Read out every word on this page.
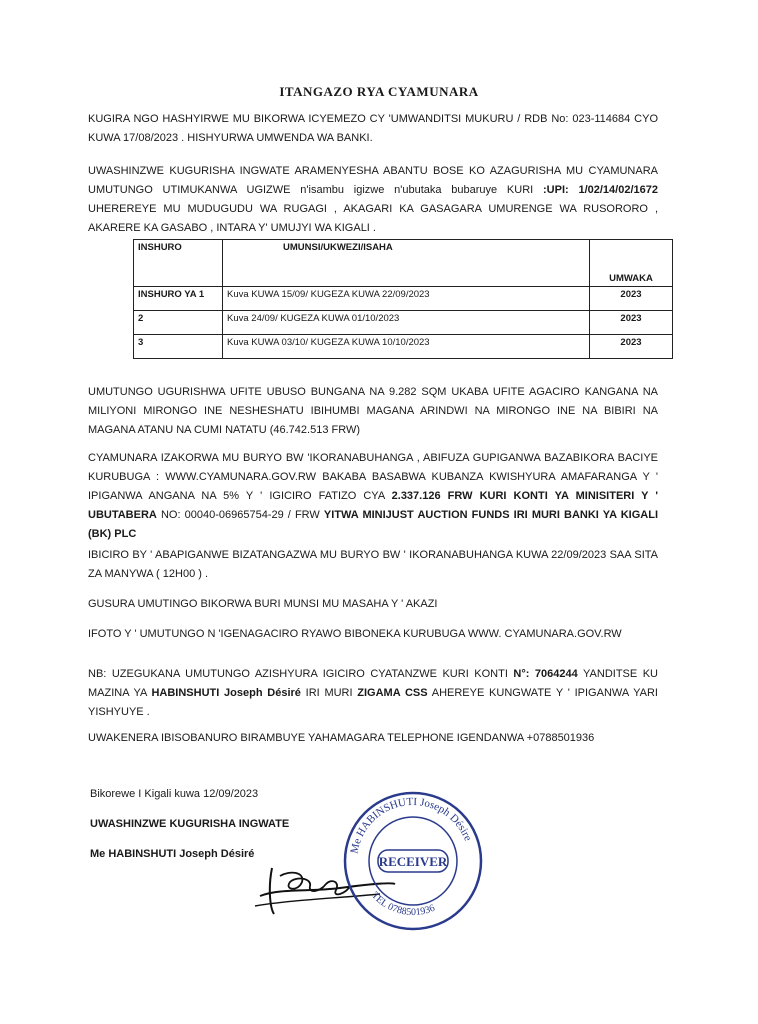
ITANGAZO RYA CYAMUNARA
KUGIRA NGO HASHYIRWE MU BIKORWA ICYEMEZO CY 'UMWANDITSI MUKURU / RDB No: 023-114684 CYO KUWA 17/08/2023 . HISHYURWA UMWENDA WA BANKI.
UWASHINZWE KUGURISHA INGWATE ARAMENYESHA ABANTU BOSE KO AZAGURISHA MU CYAMUNARA UMUTUNGO UTIMUKANWA UGIZWE n'isambu igizwe n'ubutaka bubaruye KURI :UPI: 1/02/14/02/1672 UHEREREYE MU MUDUGUDU WA RUGAGI , AKAGARI KA GASAGARA UMURENGE WA RUSORORO , AKARERE KA GASABO , INTARA Y' UMUJYI WA KIGALI .
INSHURO	UMUNSI/UKWEZI/ISAHA	UMWAKA
INSHURO YA 1	Kuva KUWA 15/09/ KUGEZA KUWA 22/09/2023	2023
2	Kuva 24/09/ KUGEZA KUWA 01/10/2023	2023
3	Kuva KUWA 03/10/ KUGEZA KUWA 10/10/2023	2023
UMUTUNGO UGURISHWA UFITE UBUSO BUNGANA NA 9.282 SQM UKABA UFITE AGACIRO KANGANA NA MILIYONI MIRONGO INE NESHESHATU IBIHUMBI MAGANA ARINDWI NA MIRONGO INE NA BIBIRI NA MAGANA ATANU NA CUMI NATATU (46.742.513 FRW)
CYAMUNARA IZAKORWA MU BURYO BW 'IKORANABUHANGA , ABIFUZA GUPIGANWA BAZABIKORA BACIYE KURUBUGA : WWW.CYAMUNARA.GOV.RW BAKABA BASABWA KUBANZA KWISHYURA AMAFARANGA Y ' IPIGANWA ANGANA NA 5% Y ' IGICIRO FATIZO CYA 2.337.126 FRW KURI KONTI YA MINISITERI Y ' UBUTABERA NO: 00040-06965754-29 / FRW YITWA MINIJUST AUCTION FUNDS IRI MURI BANKI YA KIGALI (BK) PLC
IBICIRO BY ' ABAPIGANWE BIZATANGAZWA MU BURYO BW ' IKORANABUHANGA KUWA 22/09/2023 SAA SITA ZA MANYWA ( 12H00 ) .
GUSURA UMUTINGO BIKORWA BURI MUNSI MU MASAHA Y ' AKAZI
IFOTO Y ' UMUTUNGO N 'IGENAGACIRO RYAWO BIBONEKA KURUBUGA WWW. CYAMUNARA.GOV.RW
NB: UZEGUKANA UMUTUNGO AZISHYURA IGICIRO CYATANZWE KURI KONTI N°: 7064244 YANDITSE KU MAZINA YA HABINSHUTI Joseph Désiré IRI MURI ZIGAMA CSS AHEREYE KUNGWATE Y ' IPIGANWA YARI YISHYUYE .
UWAKENERA IBISOBANURO BIRAMBUYE YAHAMAGARA TELEPHONE IGENDANWA +0788501936
Bikorewe I Kigali kuwa 12/09/2023
UWASHINZWE KUGURISHA INGWATE
Me HABINSHUTI Joseph Désiré	Me HABINSHUTI Joseph Désire
TEL 0788501936
RECEIVER
